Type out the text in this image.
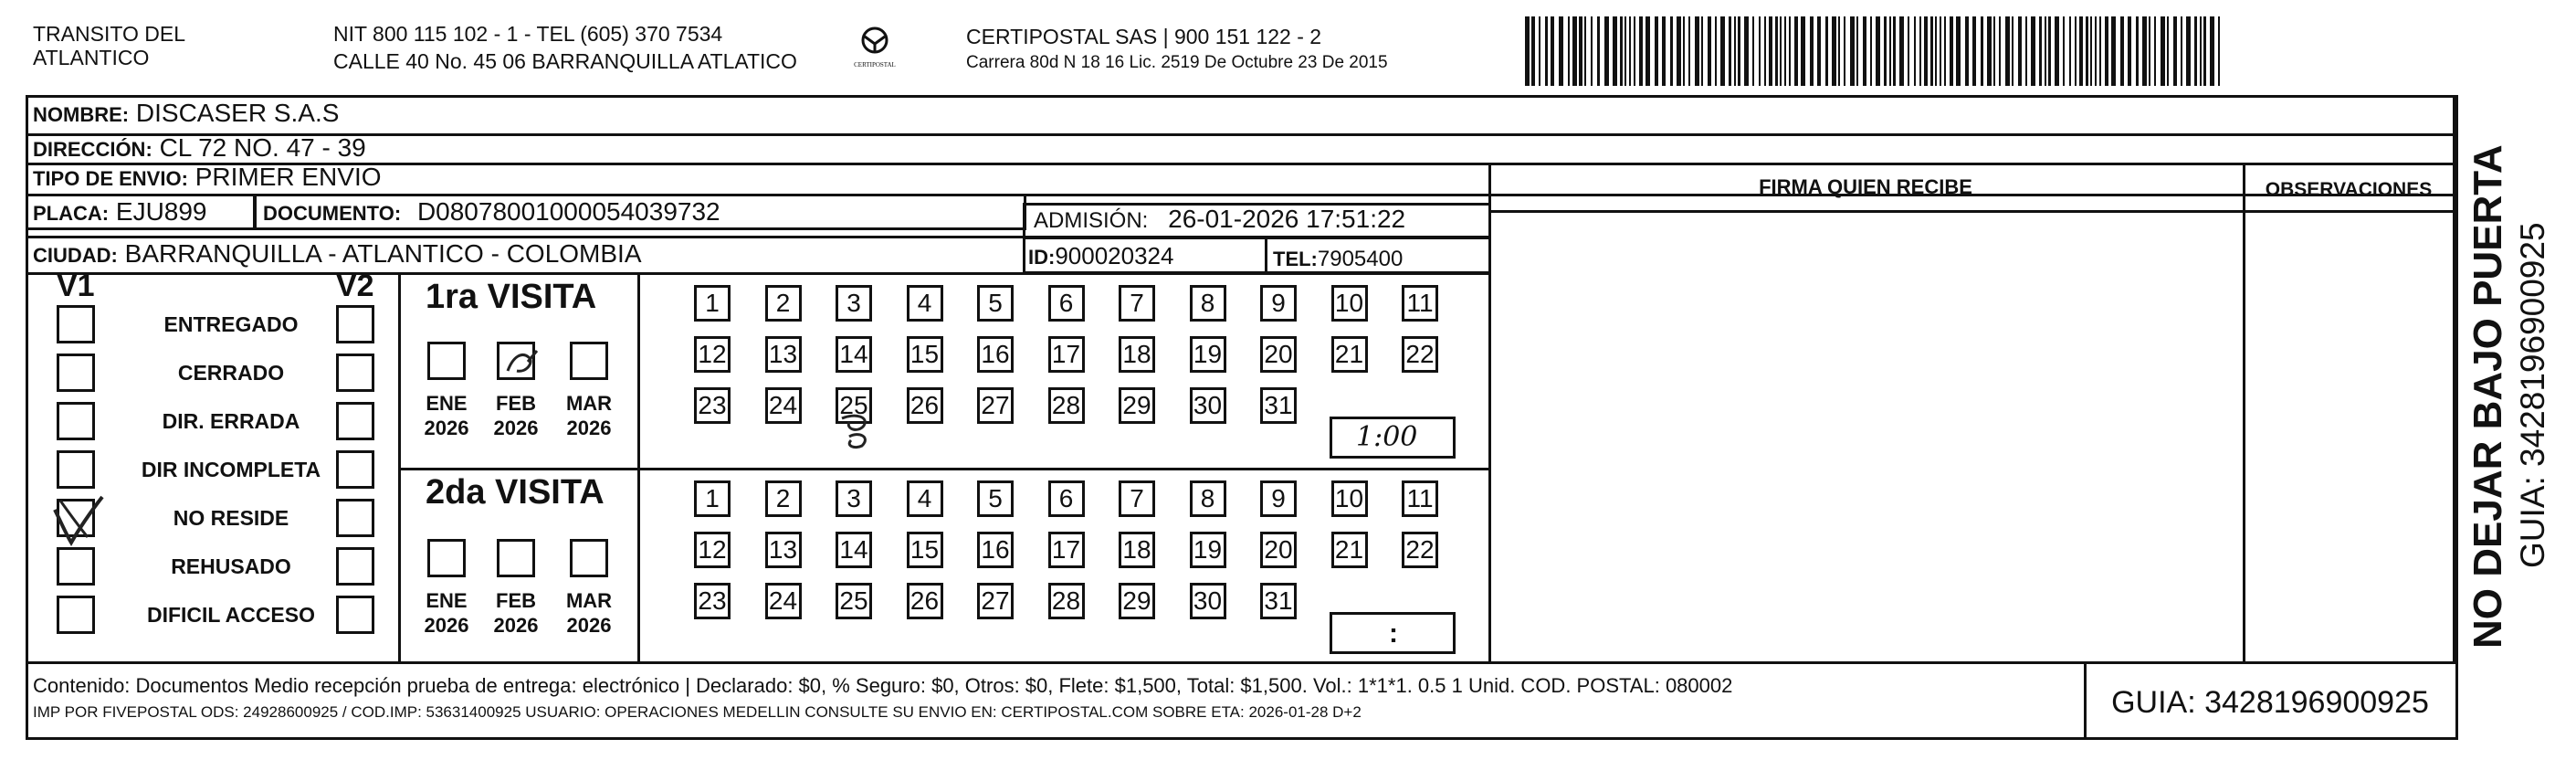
TRANSITO DEL
ATLANTICO
NIT 800 115 102 - 1 - TEL (605) 370 7534
CALLE 40 No. 45 06 BARRANQUILLA ATLATICO	CERTIPOSTAL
CERTIPOSTAL SAS | 900 151 122 - 2
Carrera 80d N 18 16 Lic. 2519 De Octubre 23 De 2015
NOMBRE: DISCASER S.A.S
DIRECCIÓN: CL 72 NO. 47 - 39
TIPO DE ENVIO: PRIMER ENVIO
PLACA: EJU899	DOCUMENTO: D08078001000054039732	ADMISIÓN: 26-01-2026 17:51:22
CIUDAD: BARRANQUILLA - ATLANTICO - COLOMBIA	ID:900020324	TEL:7905400
FIRMA QUIEN RECIBE	OBSERVACIONES
V1	V2
ENTREGADO
CERRADO
DIR. ERRADA
DIR INCOMPLETA
NO RESIDE
REHUSADO
DIFICIL ACCESO
1ra VISITA
2da VISITA
ENE
2026
FEB
2026
MAR
2026
ENE
2026
FEB
2026
MAR
2026
1	2	3	4	5	6	7	8	9	10 11
12 13 14 15 16 17 18 19 20 21 22
23 24 25 26 27 28 29 30 31
1	2	3	4	5	6	7	8	9	10 11
12 13 14 15 16 17 18 19 20 21 22
23 24 25 26 27 28 29 30 31
1:00
:
Contenido: Documentos Medio recepción prueba de entrega: electrónico | Declarado: $0, % Seguro: $0, Otros: $0, Flete: $1,500, Total: $1,500. Vol.: 1*1*1. 0.5 1 Unid. COD. POSTAL: 080002
IMP POR FIVEPOSTAL ODS: 24928600925 / COD.IMP: 53631400925 USUARIO: OPERACIONES MEDELLIN CONSULTE SU ENVIO EN: CERTIPOSTAL.COM SOBRE ETA: 2026-01-28 D+2	GUIA: 3428196900925
NO DEJAR BAJO PUERTA GUIA: 3428196900925
